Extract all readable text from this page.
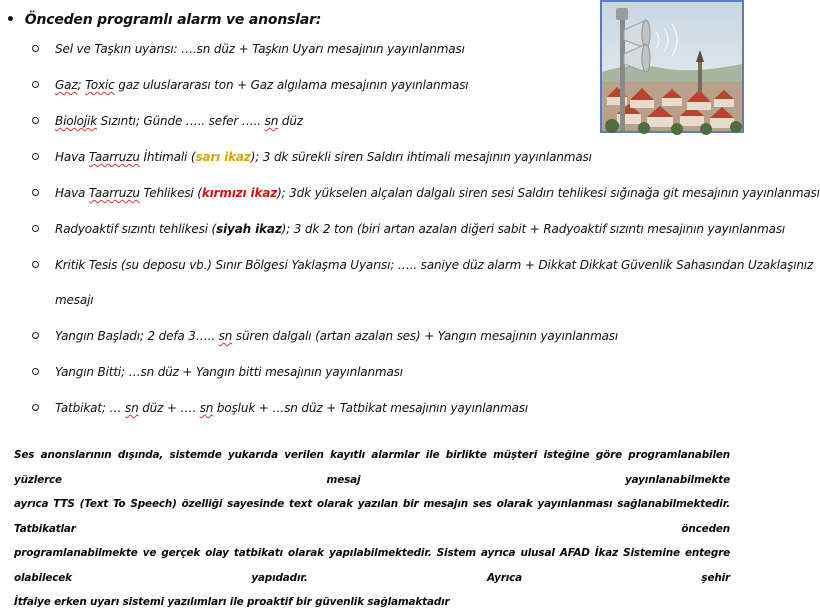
• Önceden programlı alarm ve anonslar:
Sel ve Taşkın uyarısı: ….sn düz + Taşkın Uyarı mesajının yayınlanması
Gaz; Toxic gaz uluslararası ton + Gaz algılama mesajının yayınlanması
Biolojik Sızıntı; Günde ….. sefer ….. sn düz
Hava Taarruzu İhtimali (sarı ikaz); 3 dk sürekli siren Saldırı ihtimali mesajının yayınlanması
Hava Taarruzu Tehlikesi (kırmızı ikaz); 3dk yükselen alçalan dalgalı siren sesi Saldırı tehlikesi sığınağa git mesajının yayınlanması
Radyoaktif sızıntı tehlikesi (siyah ikaz); 3 dk 2 ton (biri artan azalan diğeri sabit + Radyoaktif sızıntı mesajının yayınlanması
Kritik Tesis (su deposu vb.) Sınır Bölgesi Yaklaşma Uyarısı; ….. saniye düz alarm + Dikkat Dikkat Güvenlik Sahasından Uzaklaşınız
mesajı
Yangın Başladı; 2 defa 3….. sn süren dalgalı (artan azalan ses) + Yangın mesajının yayınlanması
Yangın Bitti; …sn düz + Yangın bitti mesajının yayınlanması
Tatbikat; … sn düz + …. sn boşluk + …sn düz + Tatbikat mesajının yayınlanması
Ses anonslarının dışında, sistemde yukarıda verilen kayıtlı alarmlar ile birlikte müşteri isteğine göre programlanabilen yüzlerce mesaj yayınlanabilmekte
ayrıca TTS (Text To Speech) özelliği sayesinde text olarak yazılan bir mesajın ses olarak yayınlanması sağlanabilmektedir. Tatbikatlar önceden
programlanabilmekte ve gerçek olay tatbikatı olarak yapılabilmektedir. Sistem ayrıca ulusal AFAD İkaz Sistemine entegre olabilecek yapıdadır. Ayrıca şehir
İtfaiye erken uyarı sistemi yazılımları ile proaktif bir güvenlik sağlamaktadır
